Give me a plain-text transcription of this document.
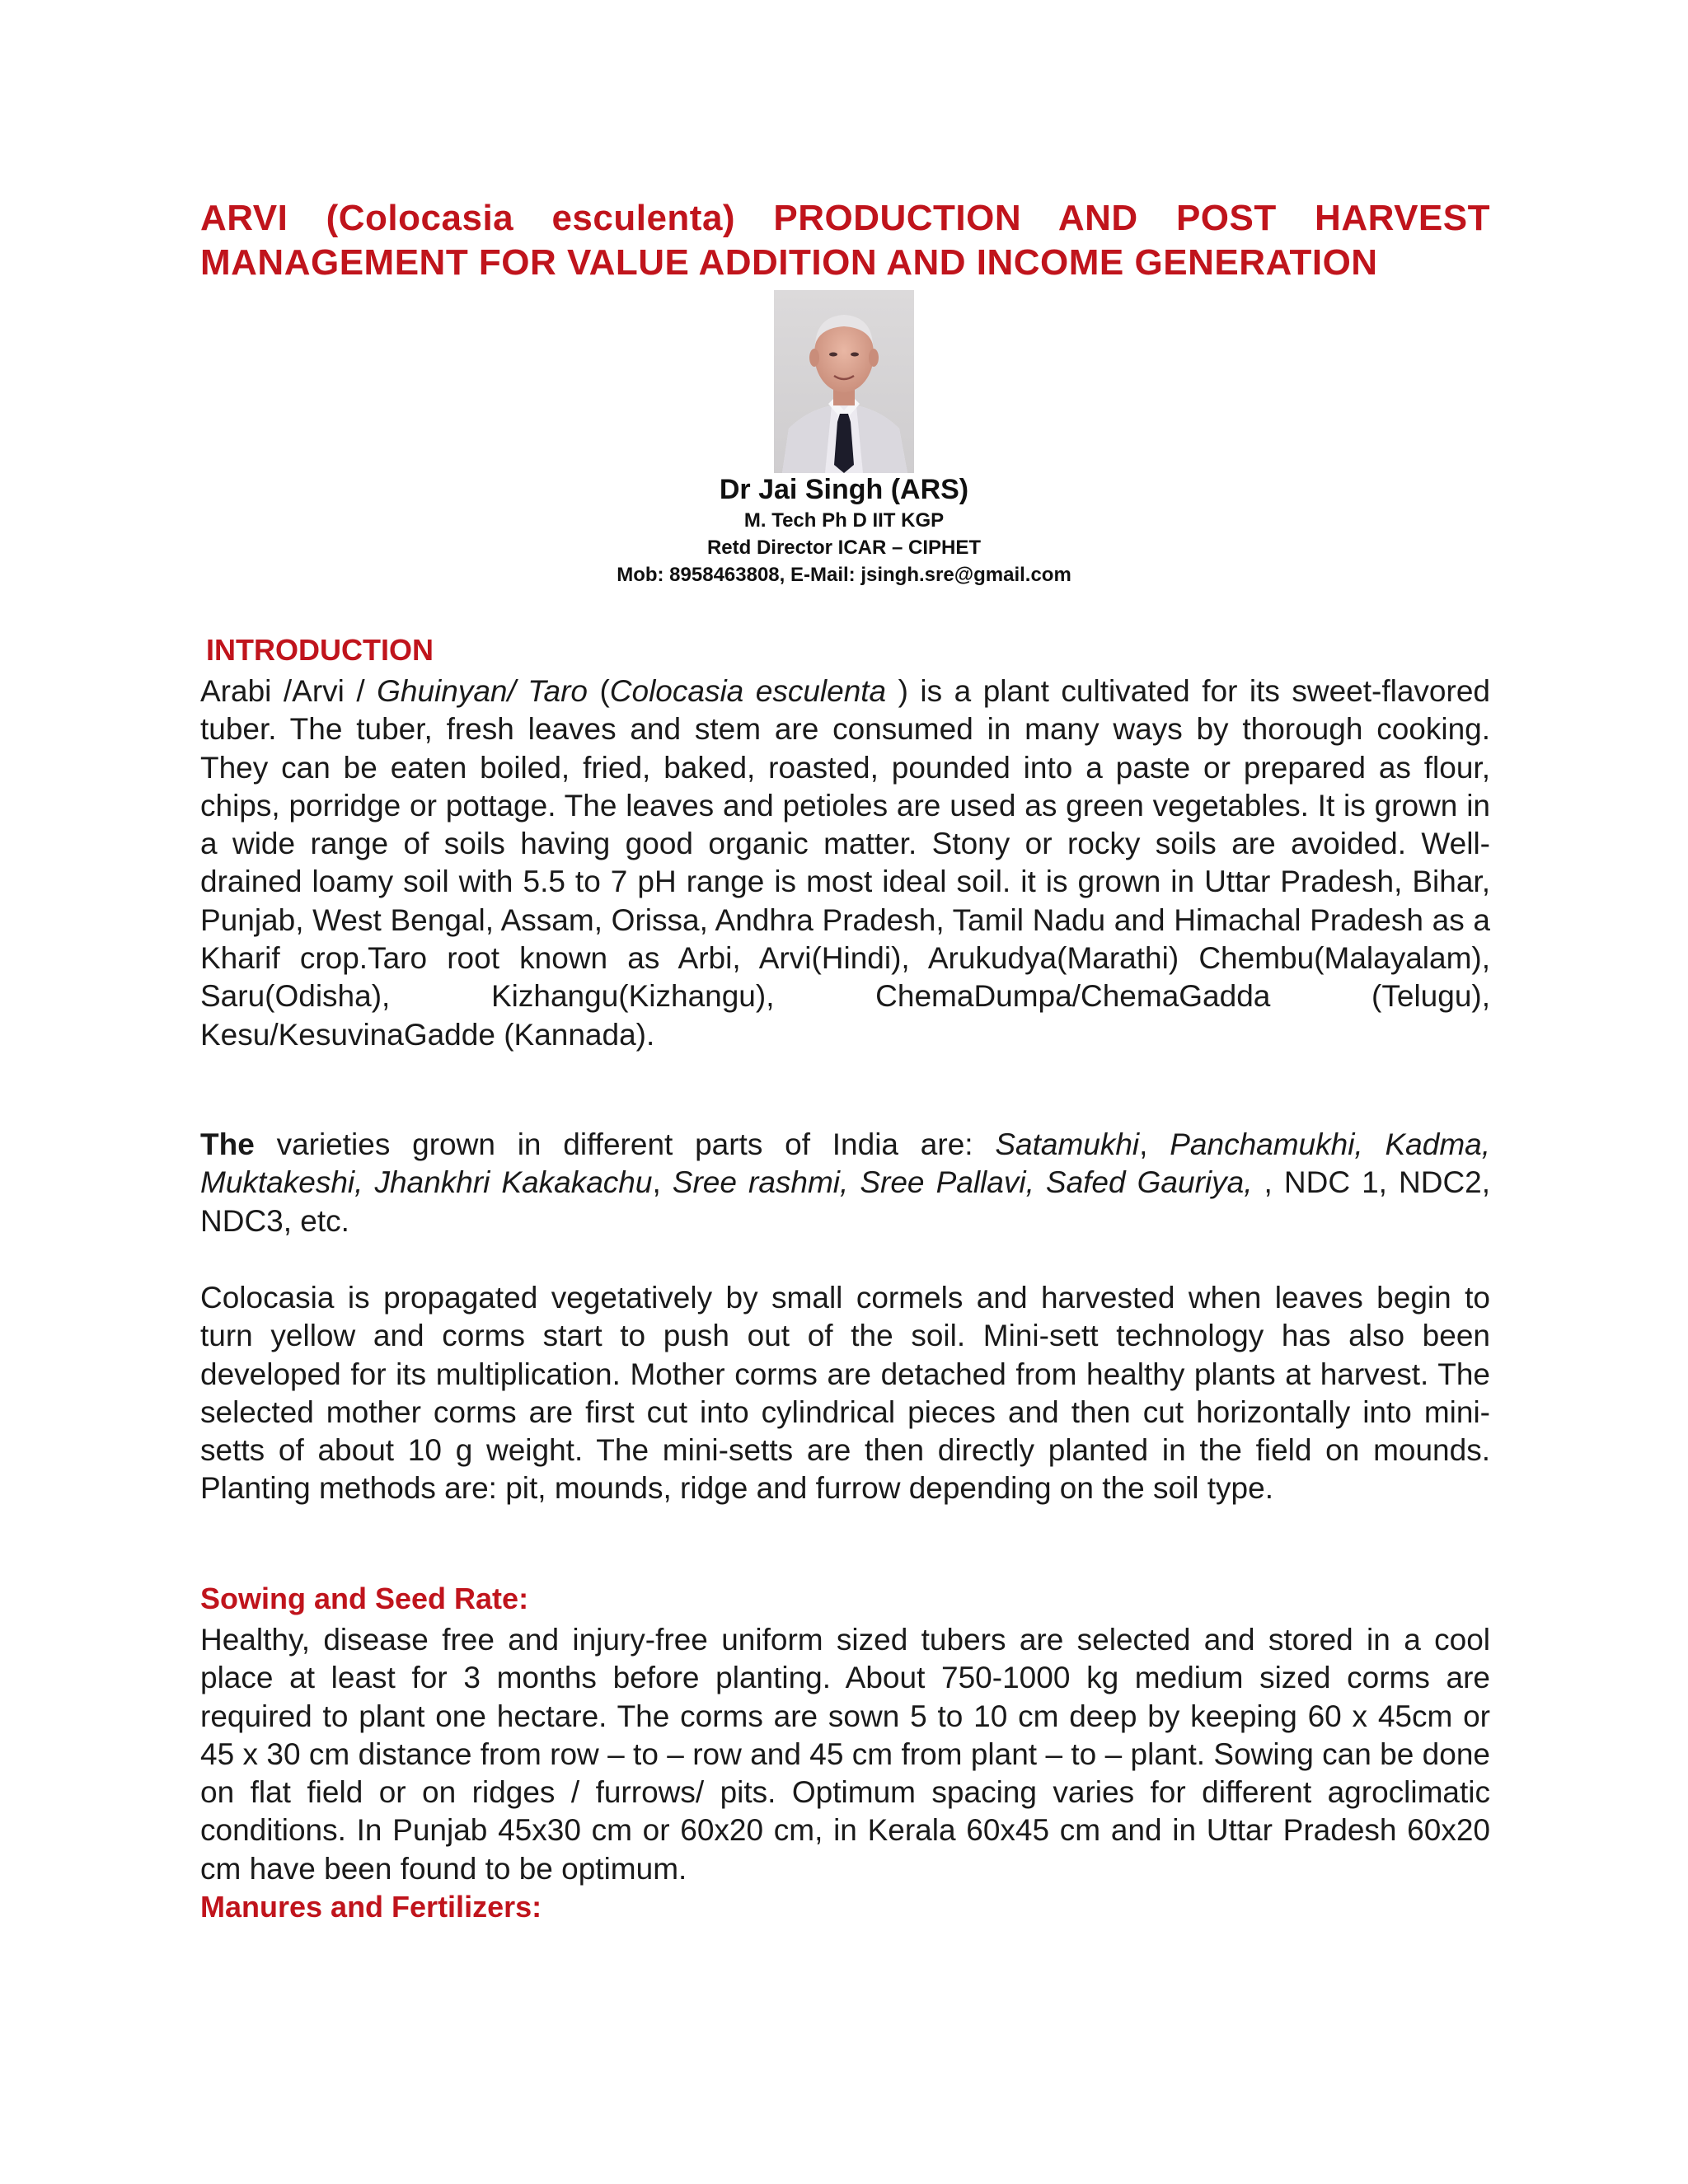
ARVI (Colocasia esculenta) PRODUCTION AND POST HARVEST MANAGEMENT FOR VALUE ADDITION AND INCOME GENERATION
Dr Jai Singh (ARS)
M. Tech Ph D IIT KGP
Retd Director ICAR – CIPHET
Mob: 8958463808, E-Mail: jsingh.sre@gmail.com
INTRODUCTION

Arabi /Arvi / Ghuinyan/ Taro (Colocasia esculenta ) is a plant cultivated for its sweet-flavored tuber. The tuber, fresh leaves and stem are consumed in many ways by thorough cooking. They can be eaten boiled, fried, baked, roasted, pounded into a paste or prepared as flour, chips, porridge or pottage. The leaves and petioles are used as green vegetables. It is grown in a wide range of soils having good organic matter. Stony or rocky soils are avoided. Well-drained loamy soil with 5.5 to 7 pH range is most ideal soil. it is grown in Uttar Pradesh, Bihar, Punjab, West Bengal, Assam, Orissa, Andhra Pradesh, Tamil Nadu and Himachal Pradesh as a Kharif crop.Taro root known as Arbi, Arvi(Hindi), Arukudya(Marathi) Chembu(Malayalam), Saru(Odisha), Kizhangu(Kizhangu), ChemaDumpa/ChemaGadda (Telugu), Kesu/KesuvinaGadde (Kannada).

The varieties grown in different parts of India are: Satamukhi, Panchamukhi, Kadma, Muktakeshi, Jhankhri Kakakachu, Sree rashmi, Sree Pallavi, Safed Gauriya, , NDC 1, NDC2, NDC3, etc.

Colocasia is propagated vegetatively by small cormels and harvested when leaves begin to turn yellow and corms start to push out of the soil. Mini-sett technology has also been developed for its multiplication. Mother corms are detached from healthy plants at harvest. The selected mother corms are first cut into cylindrical pieces and then cut horizontally into mini-setts of about 10 g weight. The mini-setts are then directly planted in the field on mounds. Planting methods are: pit, mounds, ridge and furrow depending on the soil type.

Sowing and Seed Rate:

Healthy, disease free and injury-free uniform sized tubers are selected and stored in a cool place at least for 3 months before planting. About 750-1000 kg medium sized corms are required to plant one hectare. The corms are sown 5 to 10 cm deep by keeping 60 x 45cm or 45 x 30 cm distance from row – to – row and 45 cm from plant – to – plant. Sowing can be done on flat field or on ridges / furrows/ pits. Optimum spacing varies for different agroclimatic conditions. In Punjab 45x30 cm or 60x20 cm, in Kerala 60x45 cm and in Uttar Pradesh 60x20 cm have been found to be optimum.

Manures and Fertilizers:
